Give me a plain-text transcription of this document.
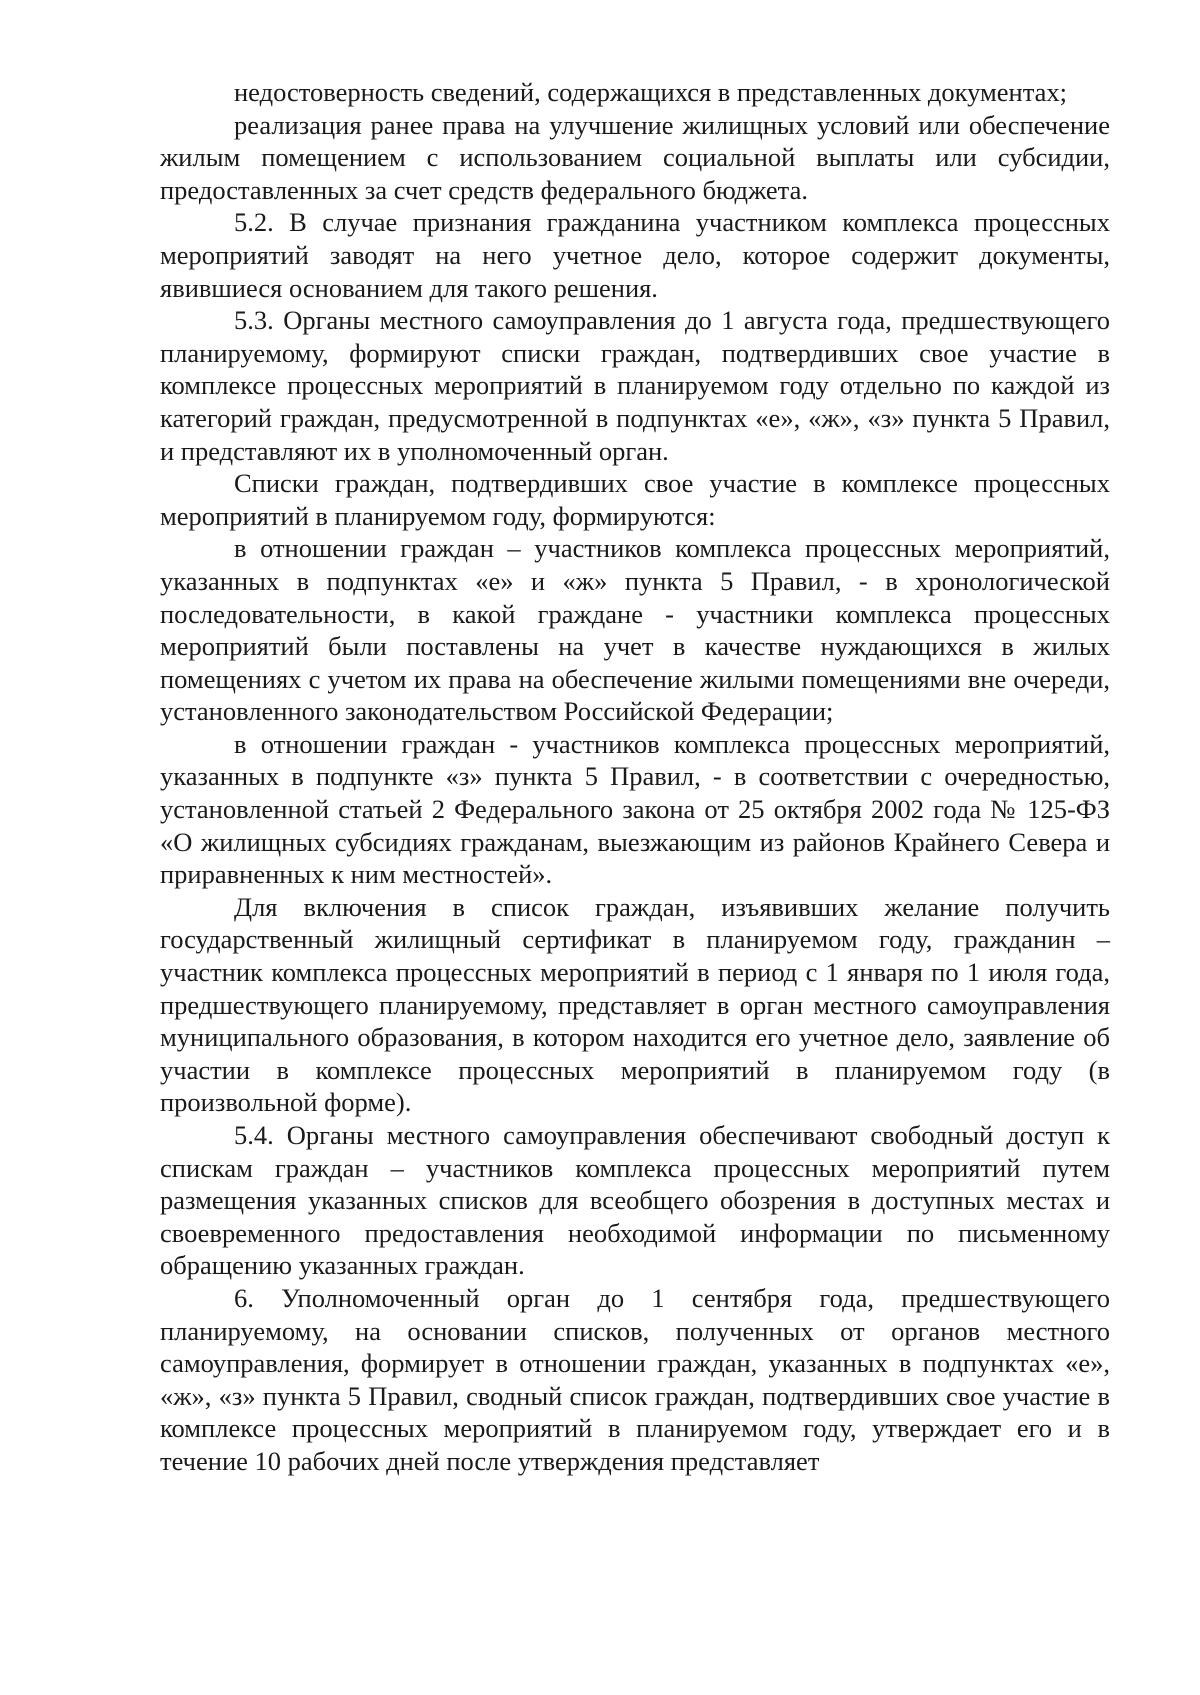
недостоверность сведений, содержащихся в представленных документах;

реализация ранее права на улучшение жилищных условий или обеспечение жилым помещением с использованием социальной выплаты или субсидии, предоставленных за счет средств федерального бюджета.

5.2. В случае признания гражданина участником комплекса процессных мероприятий заводят на него учетное дело, которое содержит документы, явившиеся основанием для такого решения.

5.3. Органы местного самоуправления до 1 августа года, предшествующего планируемому, формируют списки граждан, подтвердивших свое участие в комплексе процессных мероприятий в планируемом году отдельно по каждой из категорий граждан, предусмотренной в подпунктах «е», «ж», «з» пункта 5 Правил, и представляют их в уполномоченный орган.

Списки граждан, подтвердивших свое участие в комплексе процессных мероприятий в планируемом году, формируются:

в отношении граждан – участников комплекса процессных мероприятий, указанных в подпунктах «е» и «ж» пункта 5 Правил, - в хронологической последовательности, в какой граждане - участники комплекса процессных мероприятий были поставлены на учет в качестве нуждающихся в жилых помещениях с учетом их права на обеспечение жилыми помещениями вне очереди, установленного законодательством Российской Федерации;

в отношении граждан - участников комплекса процессных мероприятий, указанных в подпункте «з» пункта 5 Правил, - в соответствии с очередностью, установленной статьей 2 Федерального закона от 25 октября 2002 года № 125-ФЗ «О жилищных субсидиях гражданам, выезжающим из районов Крайнего Севера и приравненных к ним местностей».

Для включения в список граждан, изъявивших желание получить государственный жилищный сертификат в планируемом году, гражданин – участник комплекса процессных мероприятий в период с 1 января по 1 июля года, предшествующего планируемому, представляет в орган местного самоуправления муниципального образования, в котором находится его учетное дело, заявление об участии в комплексе процессных мероприятий в планируемом году (в произвольной форме).

5.4. Органы местного самоуправления обеспечивают свободный доступ к спискам граждан – участников комплекса процессных мероприятий путем размещения указанных списков для всеобщего обозрения в доступных местах и своевременного предоставления необходимой информации по письменному обращению указанных граждан.

6. Уполномоченный орган до 1 сентября года, предшествующего планируемому, на основании списков, полученных от органов местного самоуправления, формирует в отношении граждан, указанных в подпунктах «е», «ж», «з» пункта 5 Правил, сводный список граждан, подтвердивших свое участие в комплексе процессных мероприятий в планируемом году, утверждает его и в течение 10 рабочих дней после утверждения представляет
